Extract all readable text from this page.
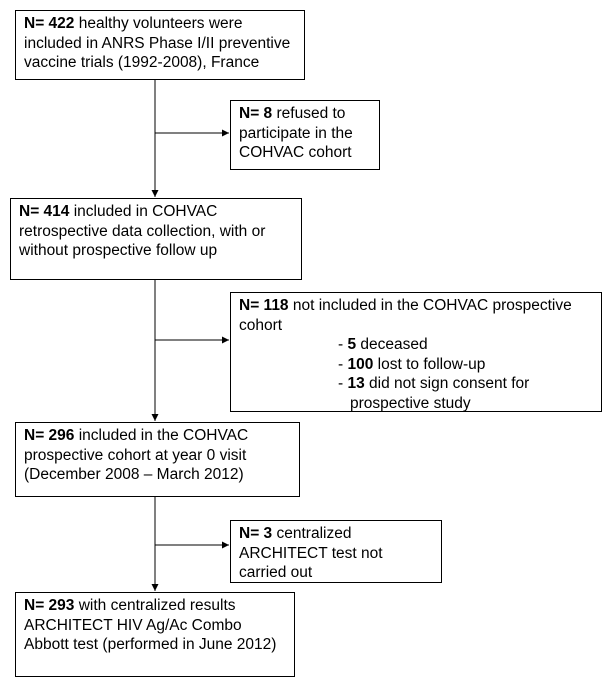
N= 422 healthy volunteers were included in ANRS Phase I/II preventive vaccine trials (1992-2008), France
N= 8 refused to participate in the COHVAC cohort
N= 414 included in COHVAC retrospective data collection, with or without prospective follow up
N= 118 not included in the COHVAC prospective cohort
- 5 deceased
- 100 lost to follow-up
- 13 did not sign consent for
prospective study
N= 296 included in the COHVAC prospective cohort at year 0 visit (December 2008 – March 2012)
N= 3 centralized ARCHITECT test not carried out
N= 293 with centralized results ARCHITECT HIV Ag/Ac Combo Abbott test (performed in June 2012)
